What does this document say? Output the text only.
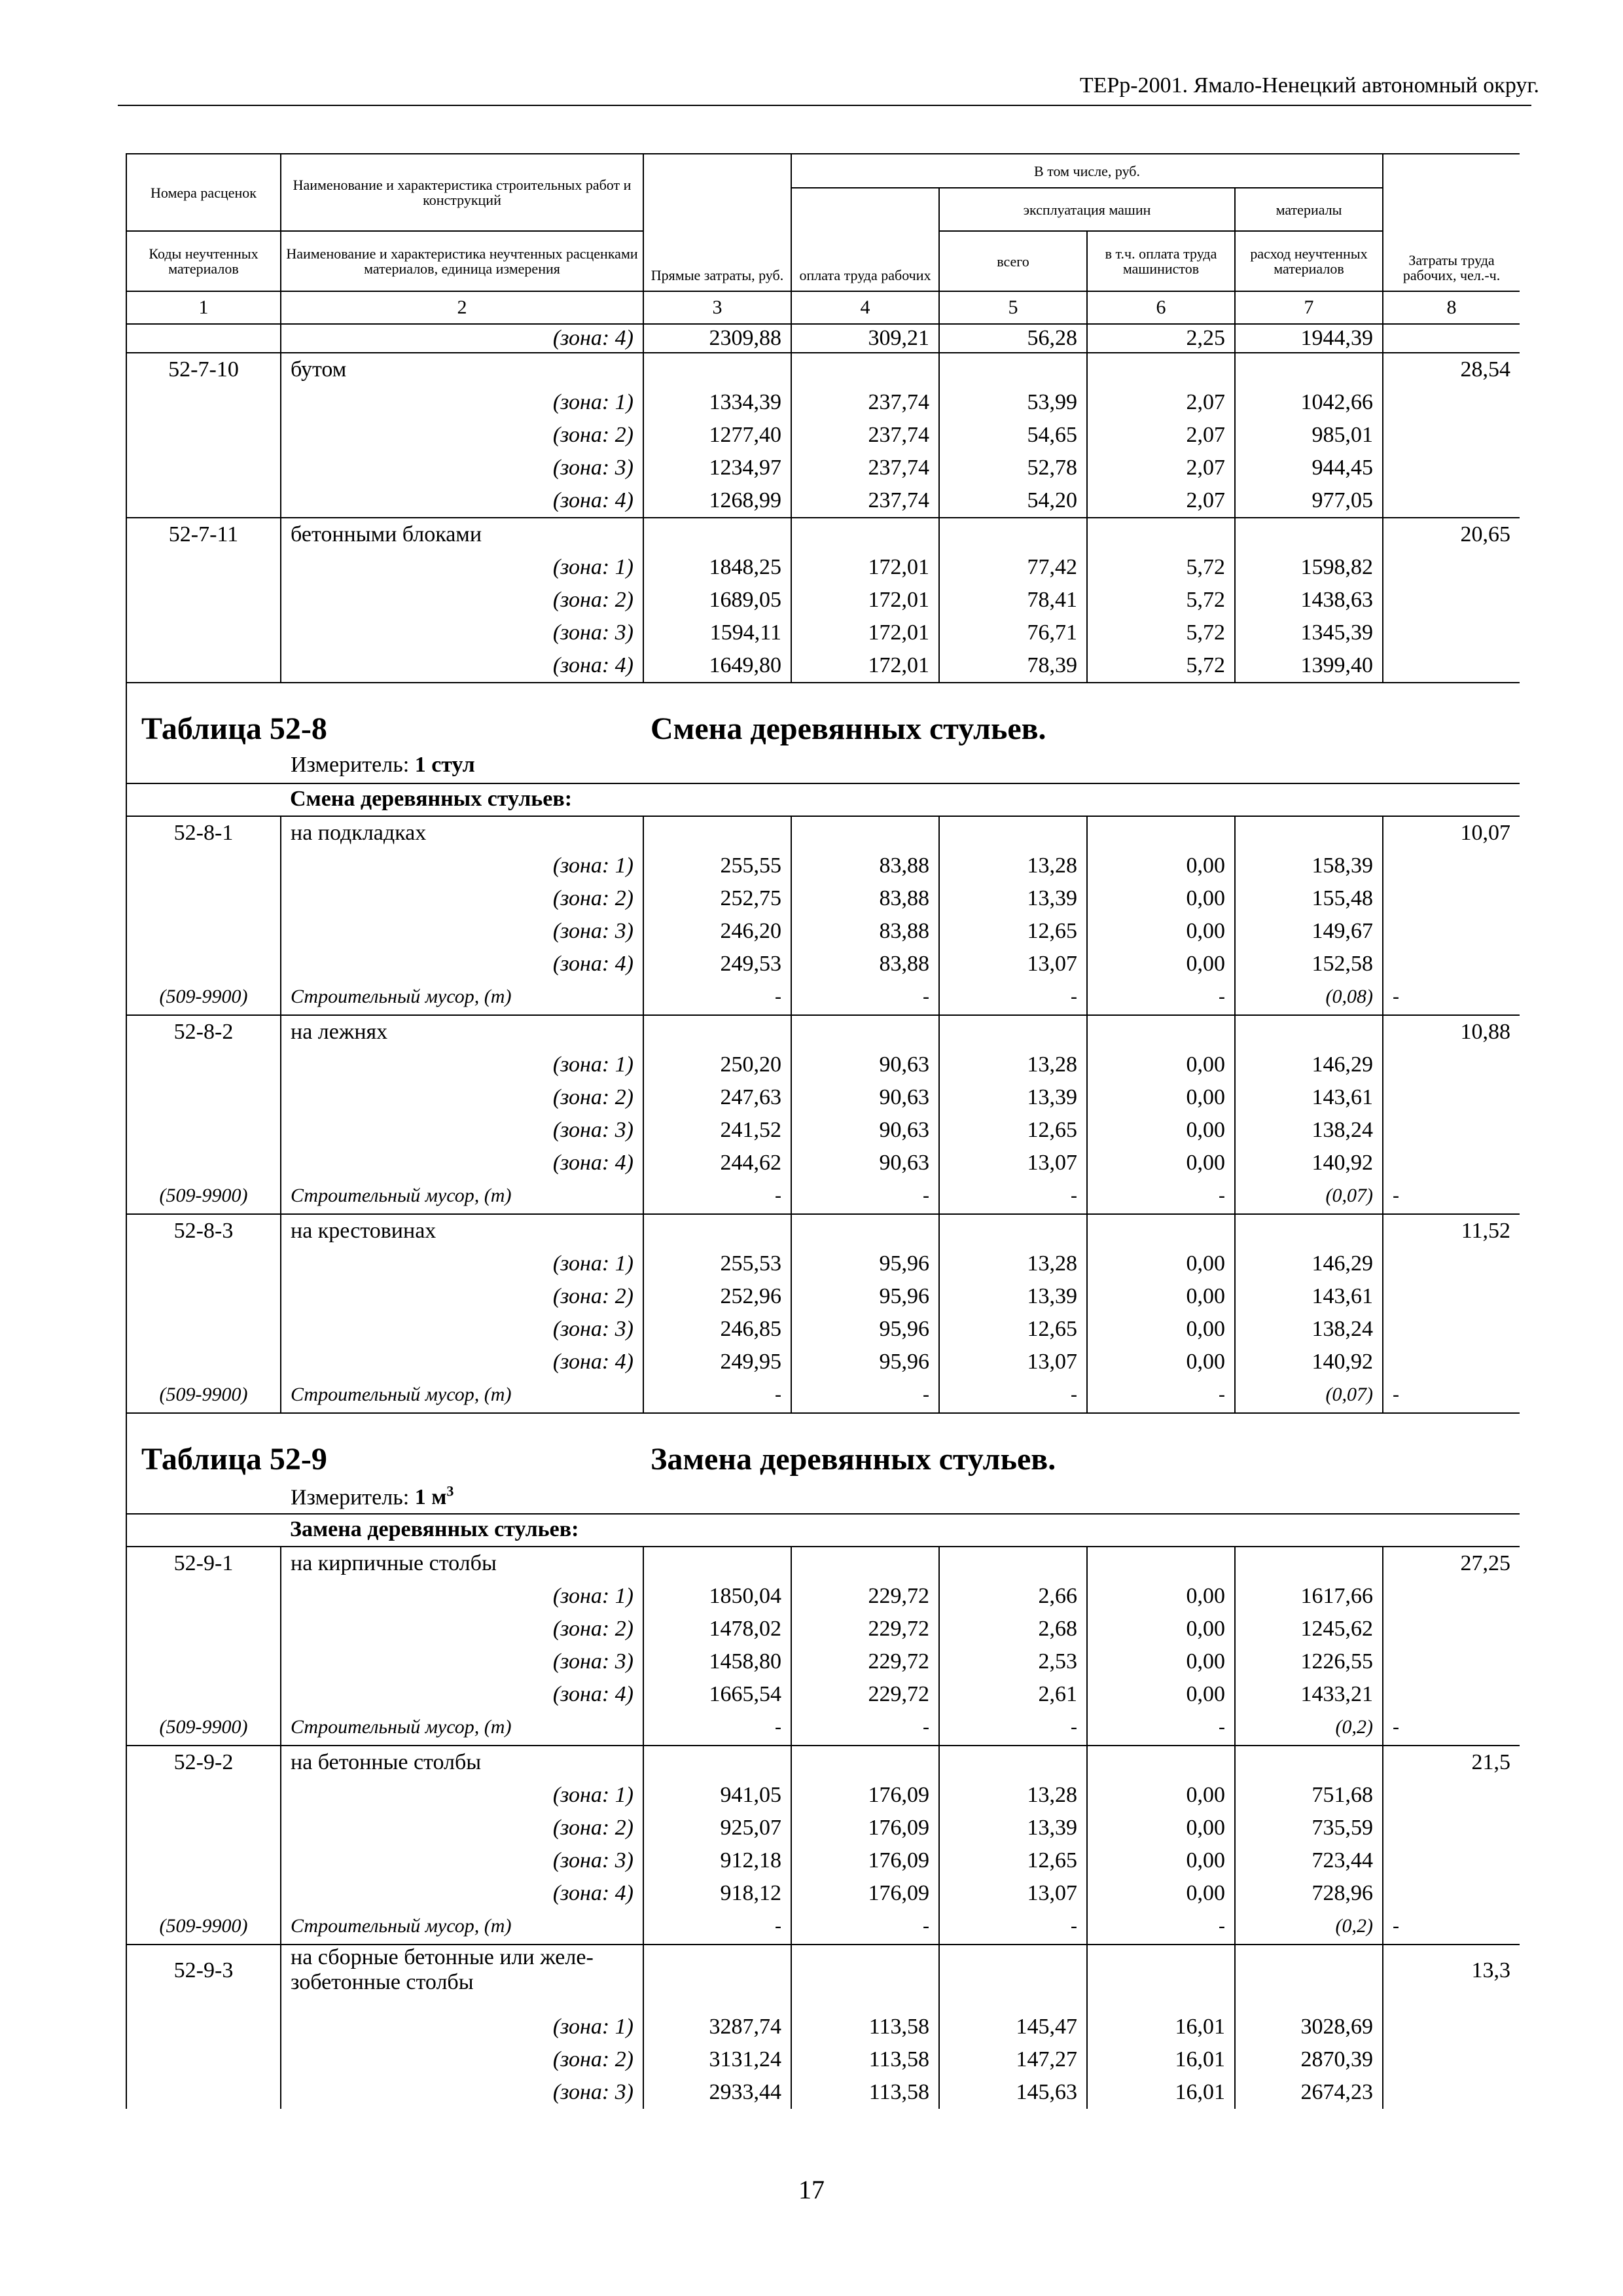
ТЕРр-2001. Ямало-Ненецкий автономный округ.
Номера расценок	Наименование и характеристика строительных работ и конструкций	Прямые затраты, руб.	В том числе, руб.				Затраты труда рабочих, чел.-ч.
			оплата труда рабочих	эксплуатация машин		материалы	
Коды неучтенных материалов	Наименование и характеристика неучтенных расценками материалов, единица измерения			всего	в т.ч. оплата труда машинистов	расход неучтенных материалов	
1	2	3	4	5	6	7	8
	(зона: 4)	2309,88	309,21	56,28	2,25	1944,39	
52-7-10	бутом						28,54
	(зона: 1)	1334,39	237,74	53,99	2,07	1042,66	
	(зона: 2)	1277,40	237,74	54,65	2,07	985,01	
	(зона: 3)	1234,97	237,74	52,78	2,07	944,45	
	(зона: 4)	1268,99	237,74	54,20	2,07	977,05	
52-7-11	бетонными блоками						20,65
	(зона: 1)	1848,25	172,01	77,42	5,72	1598,82	
	(зона: 2)	1689,05	172,01	78,41	5,72	1438,63	
	(зона: 3)	1594,11	172,01	76,71	5,72	1345,39	
	(зона: 4)	1649,80	172,01	78,39	5,72	1399,40	

Таблица 52-8 Смена деревянных стульев.
Измеритель: 1 стул							

	Смена деревянных стульев:						
52-8-1	на подкладках						10,07
	(зона: 1)	255,55	83,88	13,28	0,00	158,39	
	(зона: 2)	252,75	83,88	13,39	0,00	155,48	
	(зона: 3)	246,20	83,88	12,65	0,00	149,67	
	(зона: 4)	249,53	83,88	13,07	0,00	152,58	
(509-9900)	Строительный мусор, (т)	-	-	-	-	(0,08)	-
52-8-2	на лежнях						10,88
	(зона: 1)	250,20	90,63	13,28	0,00	146,29	
	(зона: 2)	247,63	90,63	13,39	0,00	143,61	
	(зона: 3)	241,52	90,63	12,65	0,00	138,24	
	(зона: 4)	244,62	90,63	13,07	0,00	140,92	
(509-9900)	Строительный мусор, (т)	-	-	-	-	(0,07)	-
52-8-3	на крестовинах						11,52
	(зона: 1)	255,53	95,96	13,28	0,00	146,29	
	(зона: 2)	252,96	95,96	13,39	0,00	143,61	
	(зона: 3)	246,85	95,96	12,65	0,00	138,24	
	(зона: 4)	249,95	95,96	13,07	0,00	140,92	
(509-9900)	Строительный мусор, (т)	-	-	-	-	(0,07)	-

Таблица 52-9 Замена деревянных стульев.
Измеритель: 1 $м^3$

	Замена деревянных стульев:						
52-9-1	на кирпичные столбы						27,25
	(зона: 1)	1850,04	229,72	2,66	0,00	1617,66	
	(зона: 2)	1478,02	229,72	2,68	0,00	1245,62	
	(зона: 3)	1458,80	229,72	2,53	0,00	1226,55	
	(зона: 4)	1665,54	229,72	2,61	0,00	1433,21	
(509-9900)	Строительный мусор, (т)	-	-	-	-	(0,2)	-
52-9-2	на бетонные столбы						21,5
	(зона: 1)	941,05	176,09	13,28	0,00	751,68	
	(зона: 2)	925,07	176,09	13,39	0,00	735,59	
	(зона: 3)	912,18	176,09	12,65	0,00	723,44	
	(зона: 4)	918,12	176,09	13,07	0,00	728,96	
(509-9900)	Строительный мусор, (т)	-	-	-	-	(0,2)	-
52-9-3	на сборные бетонные или желе-
зобетонные столбы						13,3
	(зона: 1)	3287,74	113,58	145,47	16,01	3028,69	
	(зона: 2)	3131,24	113,58	147,27	16,01	2870,39	
	(зона: 3)	2933,44	113,58	145,63	16,01	2674,23	
17
